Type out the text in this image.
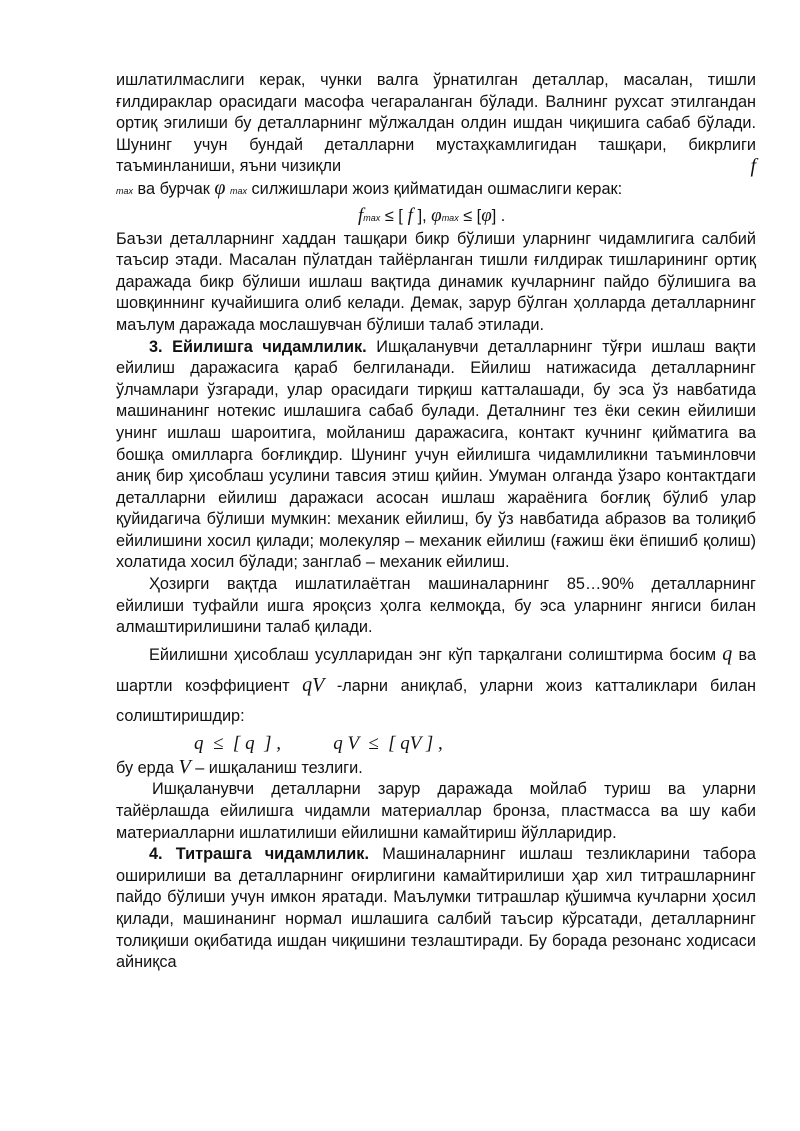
ишлатилмаслиги керак, чунки валга ўрнатилган деталлар, масалан, тишли ғилдираклар орасидаги масофа чегараланган бўлади. Валнинг рухсат этилгандан ортиқ эгилиши бу деталларнинг мўлжалдан олдин ишдан чиқишига сабаб бўлади. Шунинг учун бундай деталларни мустаҳкамлигидан ташқари, бикрлиги таъминланиши, яъни чизиқли	f

max ва бурчак φ max силжишлари жоиз қийматидан ошмаслиги керак:

fmax ≤ [ f ], φmax ≤ [φ] .

Баъзи деталларнинг хаддан ташқари бикр бўлиши уларнинг чидамлигига салбий таъсир этади. Масалан пўлатдан тайёрланган тишли ғилдирак тишларининг ортиқ даражада бикр бўлиши ишлаш вақтида динамик кучларнинг пайдо бўлишига ва шовқиннинг кучайишига олиб келади. Демак, зарур бўлган ҳолларда деталларнинг маълум даражада мослашувчан бўлиши талаб этилади.

3. Ейилишга чидамлилик. Ишқаланувчи деталларнинг тўғри ишлаш вақти ейилиш даражасига қараб белгиланади. Ейилиш натижасида деталларнинг ўлчамлари ўзгаради, улар орасидаги тирқиш катталашади, бу эса ўз навбатида машинанинг нотекис ишлашига сабаб булади. Деталнинг тез ёки секин ейилиши унинг ишлаш шароитига, мойланиш даражасига, контакт кучнинг қийматига ва бошқа омилларга боғлиқдир. Шунинг учун ейилишга чидамлиликни таъминловчи аниқ бир ҳисоблаш усулини тавсия этиш қийин. Умуман олганда ўзаро контактдаги деталларни ейилиш даражаси асосан ишлаш жараёнига боғлиқ бўлиб улар қуйидагича бўлиши мумкин: механик ейилиш, бу ўз навбатида абразов ва толиқиб ейилишини хосил қилади; молекуляр – механик ейилиш (ғажиш ёки ёпишиб қолиш) холатида хосил бўлади; занглаб – механик ейилиш.

Ҳозирги вақтда ишлатилаётган машиналарнинг 85…90% деталларнинг ейилиши туфайли ишга яроқсиз ҳолга келмоқда, бу эса уларнинг янгиси билан алмаштирилишини талаб қилади.

Ейилишни ҳисоблаш усулларидан энг кўп тарқалгани солиштирма босим q ва шартли коэффициент qV -ларни аниқлаб, уларни жоиз катталиклари билан солиштиришдир:

q  ≤  [ q  ] ,           q V  ≤  [ qV ] ,

бу ерда V – ишқаланиш тезлиги.

Ишқаланувчи деталларни зарур даражада мойлаб туриш ва уларни тайёрлашда ейилишга чидамли материаллар бронза, пластмасса ва шу каби материалларни ишлатилиши ейилишни камайтириш йўлларидир.

4. Титрашга чидамлилик. Машиналарнинг ишлаш тезликларини табора оширилиши ва деталларнинг оғирлигини камайтирилиши ҳар хил титрашларнинг пайдо бўлиши учун имкон яратади. Маълумки титрашлар қўшимча кучларни ҳосил қилади, машинанинг нормал ишлашига салбий таъсир кўрсатади, деталларнинг толиқиши оқибатида ишдан чиқишини тезлаштиради. Бу борада резонанс ходисаси айниқса
